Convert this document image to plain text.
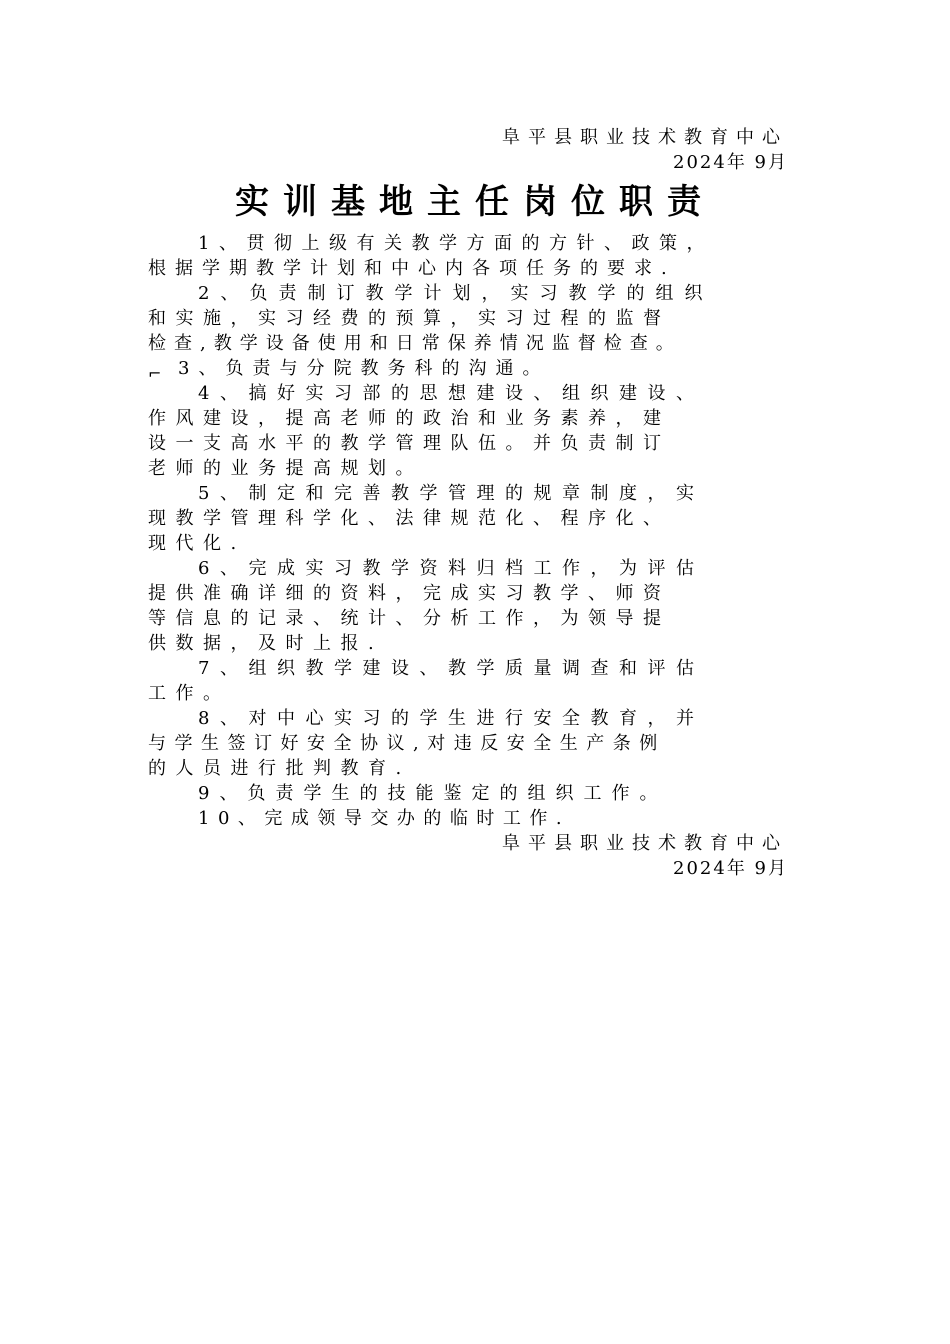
阜平县职业技术教育中心
2024年 9月
实训基地主任岗位职责
⌐
1、贯彻上级有关教学方面的方针、政策，
根据学期教学计划和中心内各项任务的要求.
2、负责制订教学计划，实习教学的组织
和实施，实习经费的预算，实习过程的监督
检查,教学设备使用和日常保养情况监督检查。
3、负责与分院教务科的沟通。
4、搞好实习部的思想建设、组织建设、
作风建设，提高老师的政治和业务素养，建
设一支高水平的教学管理队伍。并负责制订
老师的业务提高规划。
5、制定和完善教学管理的规章制度，实
现教学管理科学化、法律规范化、程序化、
现代化.
6、完成实习教学资料归档工作，为评估
提供准确详细的资料，完成实习教学、师资
等信息的记录、统计、分析工作，为领导提
供数据，及时上报.
7、组织教学建设、教学质量调查和评估
工作。
8、对中心实习的学生进行安全教育，并
与学生签订好安全协议,对违反安全生产条例
的人员进行批判教育.
9、负责学生的技能鉴定的组织工作。
10、完成领导交办的临时工作.
阜平县职业技术教育中心
2024年 9月
